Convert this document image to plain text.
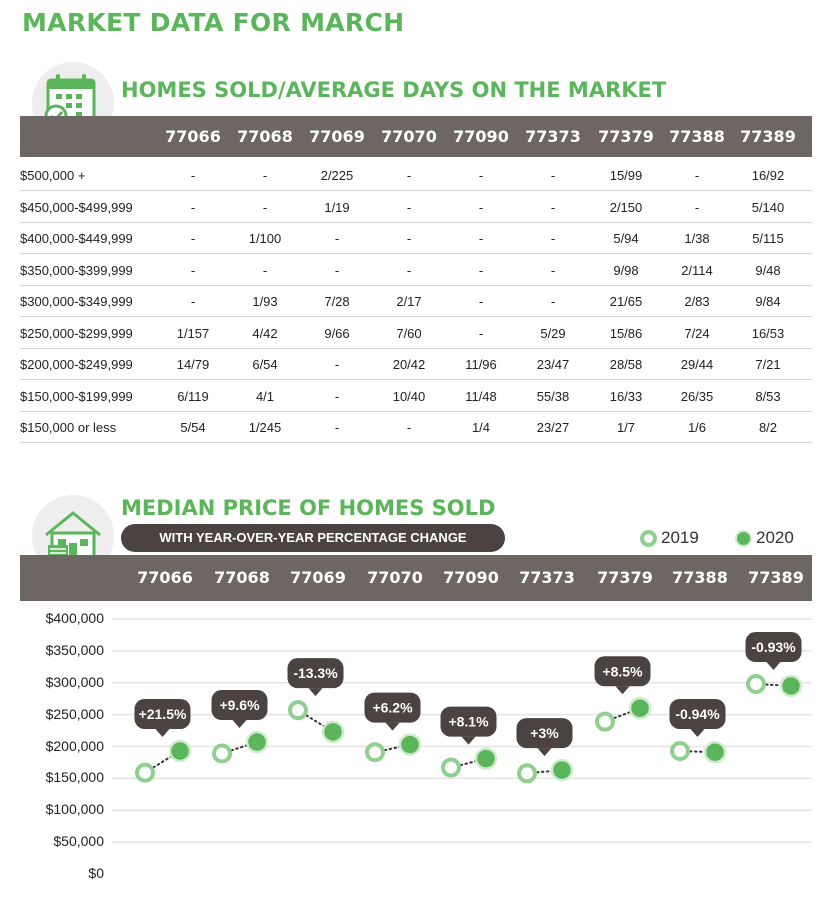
MARKET DATA FOR MARCH
HOMES SOLD/AVERAGE DAYS ON THE MARKET
77066	77068	77069	77070	77090	77373	77379 77388 77389
$500,000 +	-	-	2/225	-	-	-	15/99	-	16/92
$450,000-$499,999	-	-	1/19	-	-	-	2/150	-	5/140
$400,000-$449,999	-	1/100	-	-	-	-	5/94	1/38	5/115
$350,000-$399,999	-	-	-	-	-	-	9/98	2/114	9/48
$300,000-$349,999	-	1/93	7/28	2/17	-	-	21/65	2/83	9/84
$250,000-$299,999	1/157	4/42	9/66	7/60	-	5/29	15/86	7/24	16/53
$200,000-$249,999	14/79	6/54	-	20/42	11/96	23/47	28/58	29/44	7/21
$150,000-$199,999	6/119	4/1	-	10/40	11/48	55/38	16/33	26/35	8/53
$150,000 or less	5/54	1/245	-	-	1/4	23/27	1/7	1/6	8/2
MEDIAN PRICE OF HOMES SOLD
WITH YEAR-OVER-YEAR PERCENTAGE CHANGE	2019	2020
77066	77068	77069	77070	77090	77373	77379	77388	77389
$400,000
$350,000
$300,000
$250,000
$200,000
$150,000
$100,000
$50,000
$0
+21.5%
+9.6%
-13.3%
+6.2%
+8.1%
+3%
+8.5%
-0.94%
-0.93%
